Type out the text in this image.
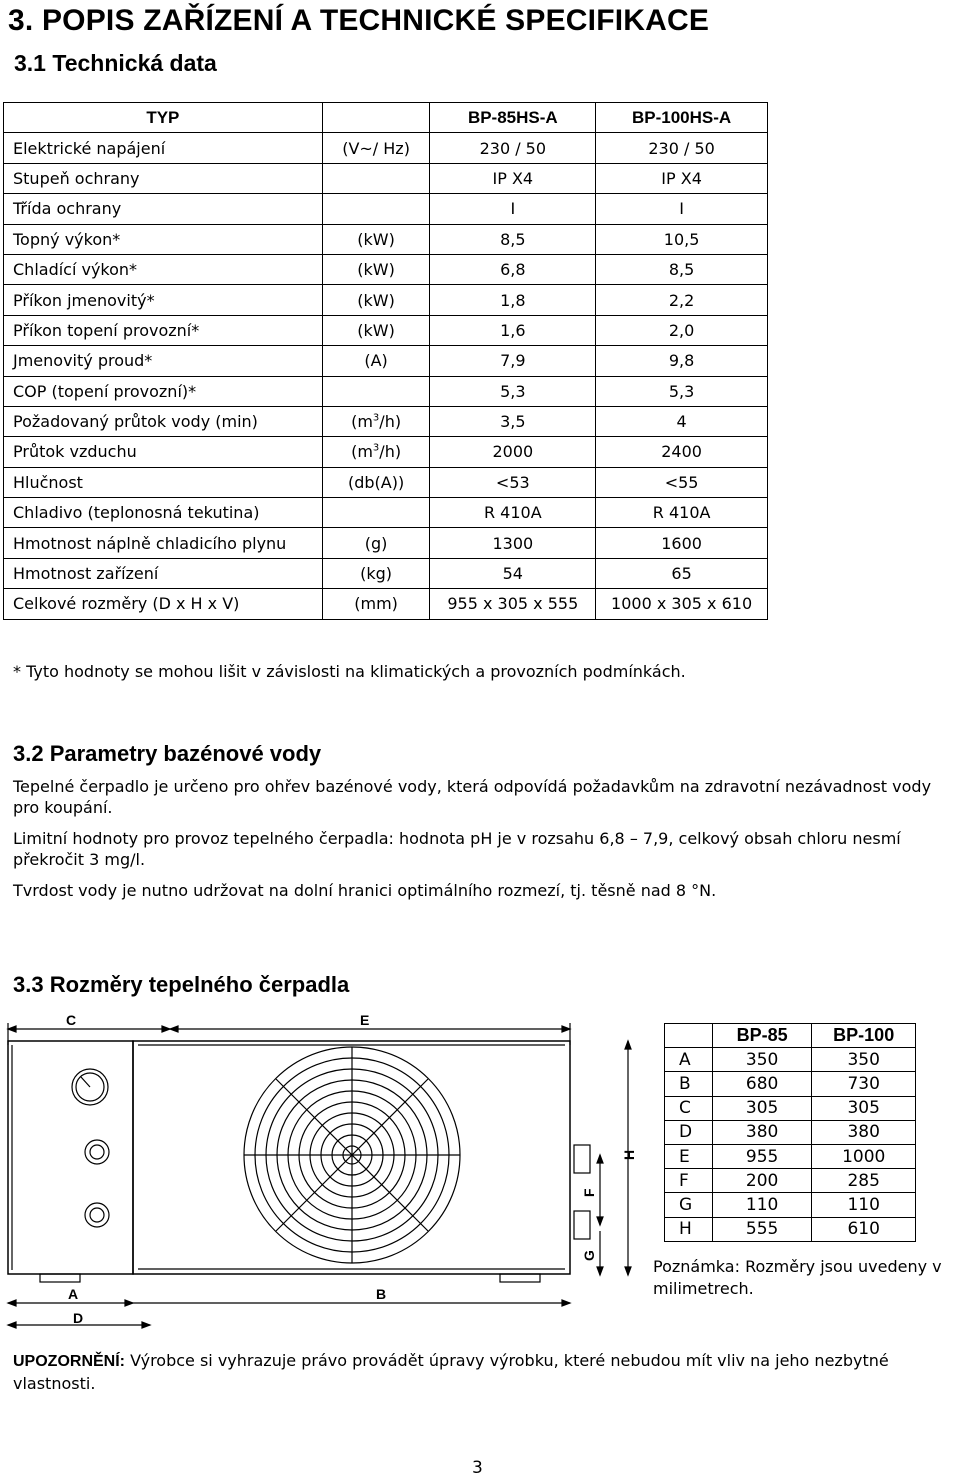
3. POPIS ZAŘÍZENÍ A TECHNICKÉ SPECIFIKACE
3.1 Technická data
TYP		BP-85HS-A	BP-100HS-A
Elektrické napájení	(V~/ Hz)	230 / 50	230 / 50
Stupeň ochrany		IP X4	IP X4
Třída ochrany		I	I
Topný výkon*	(kW)	8,5	10,5
Chladící výkon*	(kW)	6,8	8,5
Příkon jmenovitý*	(kW)	1,8	2,2
Příkon topení provozní*	(kW)	1,6	2,0
Jmenovitý proud*	(A)	7,9	9,8
COP (topení provozní)*		5,3	5,3
Požadovaný průtok vody (min)	$(m^3/h)$	3,5	4
Průtok vzduchu	$(m^3/h)$	2000	2400
Hlučnost	(db(A))	<53	<55
Chladivo (teplonosná tekutina)		R 410A	R 410A
Hmotnost náplně chladicího plynu	(g)	1300	1600
Hmotnost zařízení	(kg)	54	65
Celkové rozměry (D x H x V)	(mm)	955 x 305 x 555	1000 x 305 x 610
* Tyto hodnoty se mohou lišit v závislosti na klimatických a provozních podmínkách.
3.2 Parametry bazénové vody
Tepelné čerpadlo je určeno pro ohřev bazénové vody, která odpovídá požadavkům na zdravotní nezávadnost vody pro koupání.
Limitní hodnoty pro provoz tepelného čerpadla: hodnota pH je v rozsahu 6,8 – 7,9, celkový obsah chloru nesmí překročit 3 mg/l.
Tvrdost vody je nutno udržovat na dolní hranici optimálního rozmezí, tj. těsně nad 8 °N.
3.3 Rozměry tepelného čerpadla
C	E
A	B
D
H
F
G
	BP-85	BP-100
A	350	350
B	680	730
C	305	305
D	380	380
E	955	1000
F	200	285
G	110	110
H	555	610
Poznámka: Rozměry jsou uvedeny v milimetrech.
UPOZORNĚNÍ: Výrobce si vyhrazuje právo provádět úpravy výrobku, které nebudou mít vliv na jeho nezbytné vlastnosti.
3
